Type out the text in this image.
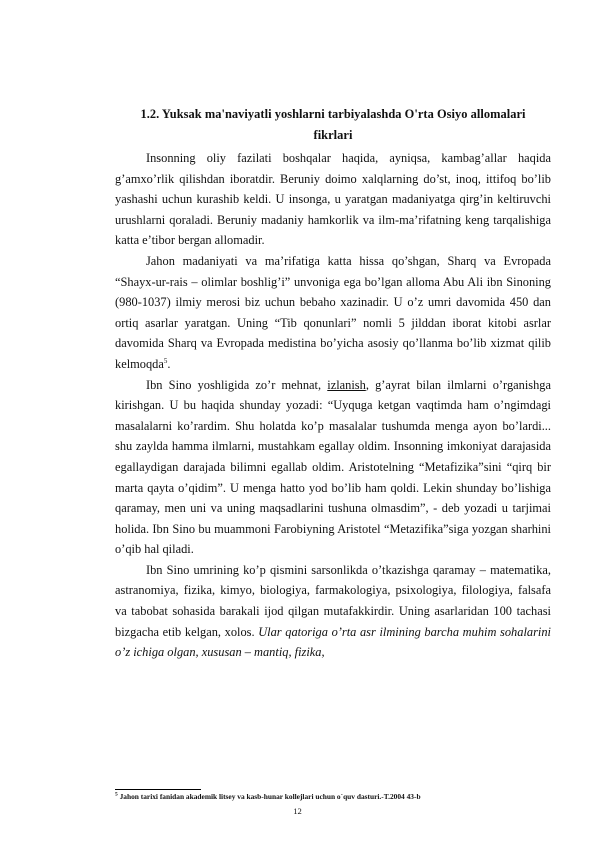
1.2. Yuksak ma'naviyatli yoshlarni tarbiyalashda O'rta Osiyo allomalari
fikrlari

   Insonning oliy fazilati boshqalar haqida, ayniqsa, kambag’allar haqida g’amxo’rlik qilishdan iboratdir. Beruniy doimo xalqlarning do’st, inoq, ittifoq bo’lib yashashi uchun kurashib keldi. U insonga, u yaratgan madaniyatga qirg’in keltiruvchi urushlarni qoraladi. Beruniy madaniy hamkorlik va ilm-ma’rifatning keng tarqalishiga katta e’tibor bergan allomadir.

   Jahon madaniyati va ma’rifatiga katta hissa qo’shgan, Sharq va Evropada “Shayx-ur-rais – olimlar boshlig’i” unvoniga ega bo’lgan alloma Abu Ali ibn Sinoning (980-1037) ilmiy merosi biz uchun bebaho xazinadir. U o’z umri davomida 450 dan ortiq asarlar yaratgan. Uning “Tib qonunlari” nomli 5 jilddan iborat kitobi asrlar davomida Sharq va Evropada medistina bo’yicha asosiy qo’llanma bo’lib xizmat qilib kelmoqda$^5$.

   Ibn Sino yoshligida zo’r mehnat, izlanish, g’ayrat bilan ilmlarni o’rganishga kirishgan. U bu haqida shunday yozadi: “Uyquga ketgan vaqtimda ham o’ngimdagi masalalarni ko’rardim. Shu holatda ko’p masalalar tushumda menga ayon bo’lardi... shu zaylda hamma ilmlarni, mustahkam egallay oldim. Insonning imkoniyat darajasida egallaydigan darajada bilimni egallab oldim. Aristotelning “Metafizika”sini “qirq bir marta qayta o’qidim”. U menga hatto yod bo’lib ham qoldi. Lekin shunday bo’lishiga qaramay, men uni va uning maqsadlarini tushuna olmasdim”, - deb yozadi u tarjimai holida. Ibn Sino bu muammoni Farobiyning Aristotel “Metazifika”siga yozgan sharhini o’qib hal qiladi.

   Ibn Sino umrining ko’p qismini sarsonlikda o’tkazishga qaramay – matematika, astranomiya, fizika, kimyo, biologiya, farmakologiya, psixologiya, filologiya, falsafa va tabobat sohasida barakali ijod qilgan mutafakkirdir. Uning asarlaridan 100 tachasi bizgacha etib kelgan, xolos. Ular qatoriga o’rta asr ilmining barcha muhim sohalarini o’z ichiga olgan, xususan – mantiq, fizika,

$^5$ Jahon tarixi fanidan akademik litsey va kasb-hunar kollejlari uchun o`quv dasturi.-T.2004 43-b
12
